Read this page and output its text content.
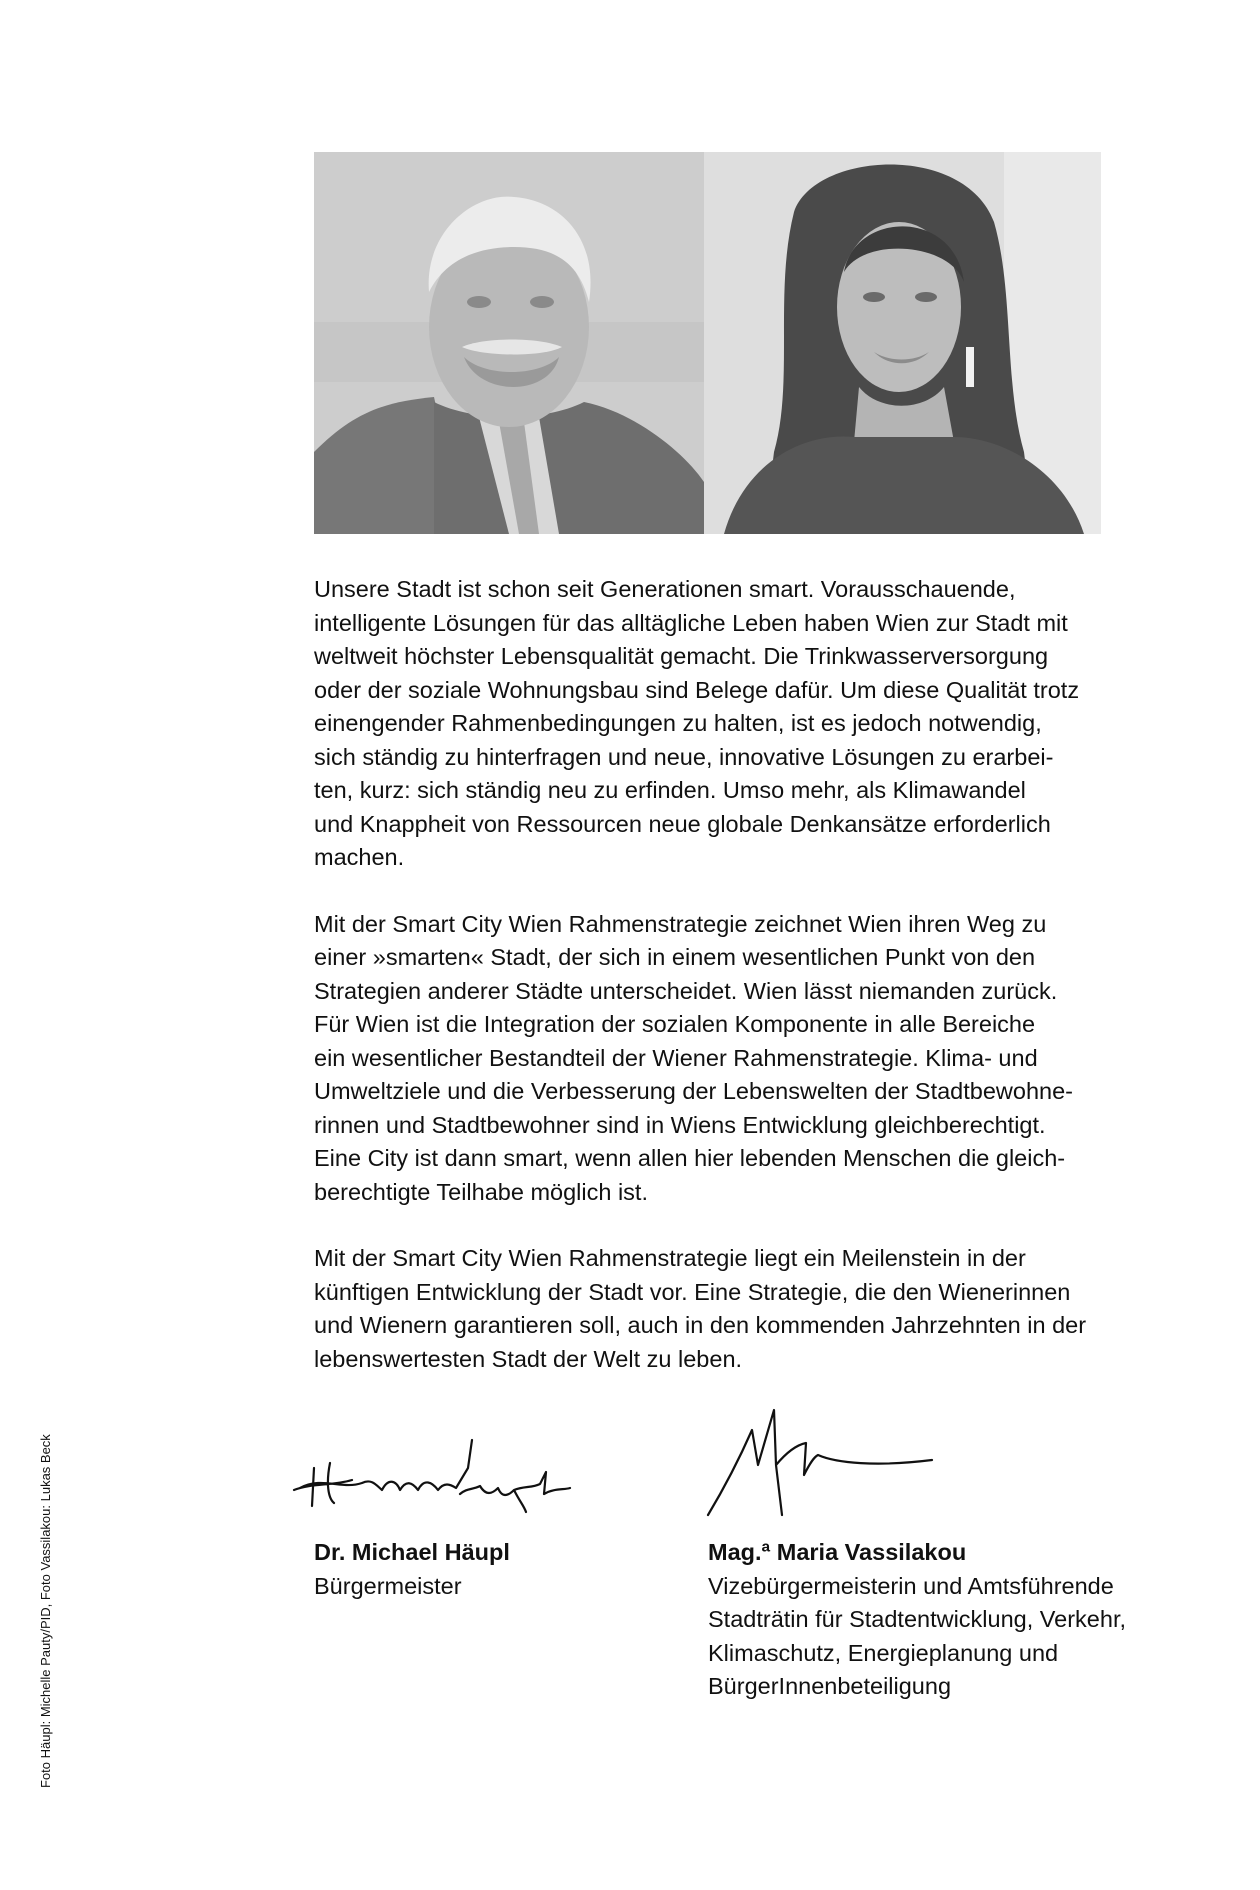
Unsere Stadt ist schon seit Generationen smart. Vorausschauende,
intelligente Lösungen für das alltägliche Leben haben Wien zur Stadt mit
weltweit höchster Lebensqualität gemacht. Die Trinkwasserversorgung
oder der soziale Wohnungsbau sind Belege dafür. Um diese Qualität trotz
einengender Rahmenbedingungen zu halten, ist es jedoch notwendig,
sich ständig zu hinterfragen und neue, innovative Lösungen zu erarbei-
ten, kurz: sich ständig neu zu erfinden. Umso mehr, als Klimawandel
und Knappheit von Ressourcen neue globale Denkansätze erforderlich
machen.

Mit der Smart City Wien Rahmenstrategie zeichnet Wien ihren Weg zu
einer »smarten« Stadt, der sich in einem wesentlichen Punkt von den
Strategien anderer Städte unterscheidet. Wien lässt niemanden zurück.
Für Wien ist die Integration der sozialen Komponente in alle Bereiche
ein wesentlicher Bestandteil der Wiener Rahmenstrategie. Klima- und
Umweltziele und die Verbesserung der Lebenswelten der Stadtbewohne-
rinnen und Stadtbewohner sind in Wiens Entwicklung gleichberechtigt.
Eine City ist dann smart, wenn allen hier lebenden Menschen die gleich-
berechtigte Teilhabe möglich ist.

Mit der Smart City Wien Rahmenstrategie liegt ein Meilenstein in der
künftigen Entwicklung der Stadt vor. Eine Strategie, die den Wienerinnen
und Wienern garantieren soll, auch in den kommenden Jahrzehnten in der
lebenswertesten Stadt der Welt zu leben.

Dr. Michael Häupl
Bürgermeister
Mag.ª Maria Vassilakou
Vizebürgermeisterin und Amtsführende
Stadträtin für Stadtentwicklung, Verkehr,
Klimaschutz, Energieplanung und
BürgerInnenbeteiligung
Foto Häupl: Michelle Pauty/PID, Foto Vassilakou: Lukas Beck
